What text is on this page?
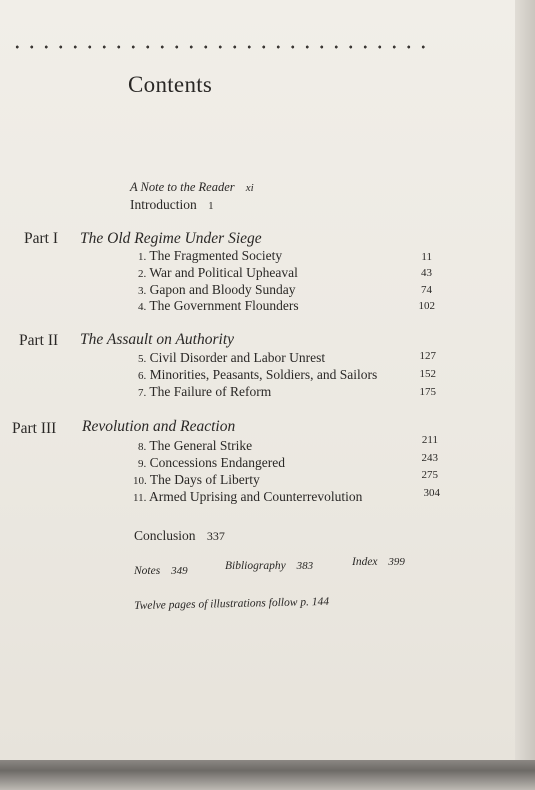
Contents
A Note to the Reader xi
Introduction 1
Part I The Old Regime Under Siege
1. The Fragmented Society	11
2. War and Political Upheaval	43
3. Gapon and Bloody Sunday	74
4. The Government Flounders	102
Part II The Assault on Authority
5. Civil Disorder and Labor Unrest	127
6. Minorities, Peasants, Soldiers, and Sailors	152
7. The Failure of Reform	175
Part III Revolution and Reaction
8. The General Strike	211
9. Concessions Endangered	243
10. The Days of Liberty	275
11. Armed Uprising and Counterrevolution	304
Conclusion 337
Notes 349	Bibliography 383	Index 399
Twelve pages of illustrations follow p. 144
